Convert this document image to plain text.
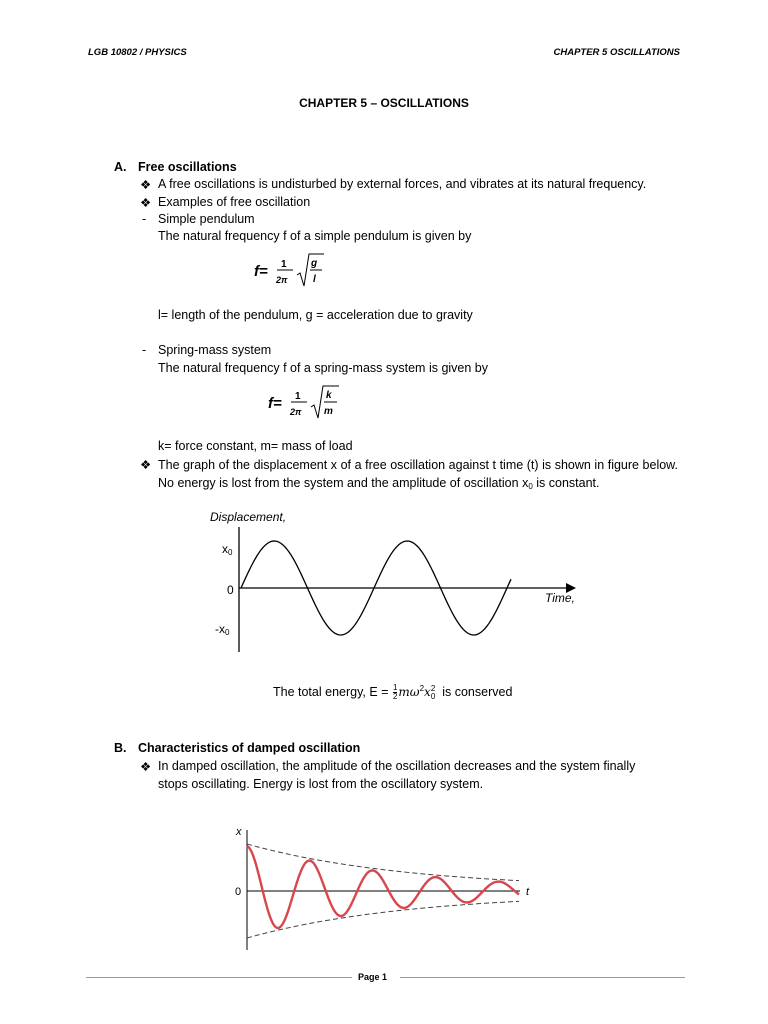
LGB 10802 / PHYSICS	CHAPTER 5 OSCILLATIONS
CHAPTER 5 – OSCILLATIONS
A. Free oscillations
❖ A free oscillations is undisturbed by external forces, and vibrates at its natural frequency.
❖ Examples of free oscillation
- Simple pendulum
The natural frequency f of a simple pendulum is given by
f= 1
2π
g
l
l= length of the pendulum, g = acceleration due to gravity
- Spring-mass system
The natural frequency f of a spring-mass system is given by
f= 1
2π
k
m
k= force constant, m= mass of load
❖ The graph of the displacement x of a free oscillation against t time (t) is shown in figure below. No energy is lost from the system and the amplitude of oscillation $x_0$ is constant.
Displacement,
Time,
x0
0
-x0
The total energy, $E = \frac{1}{2} m\omega^2x$ 2
0 is conserved
B. Characteristics of damped oscillation
❖ In damped oscillation, the amplitude of the oscillation decreases and the system finally
stops oscillating. Energy is lost from the oscillatory system.
x
0	t
Page 1
